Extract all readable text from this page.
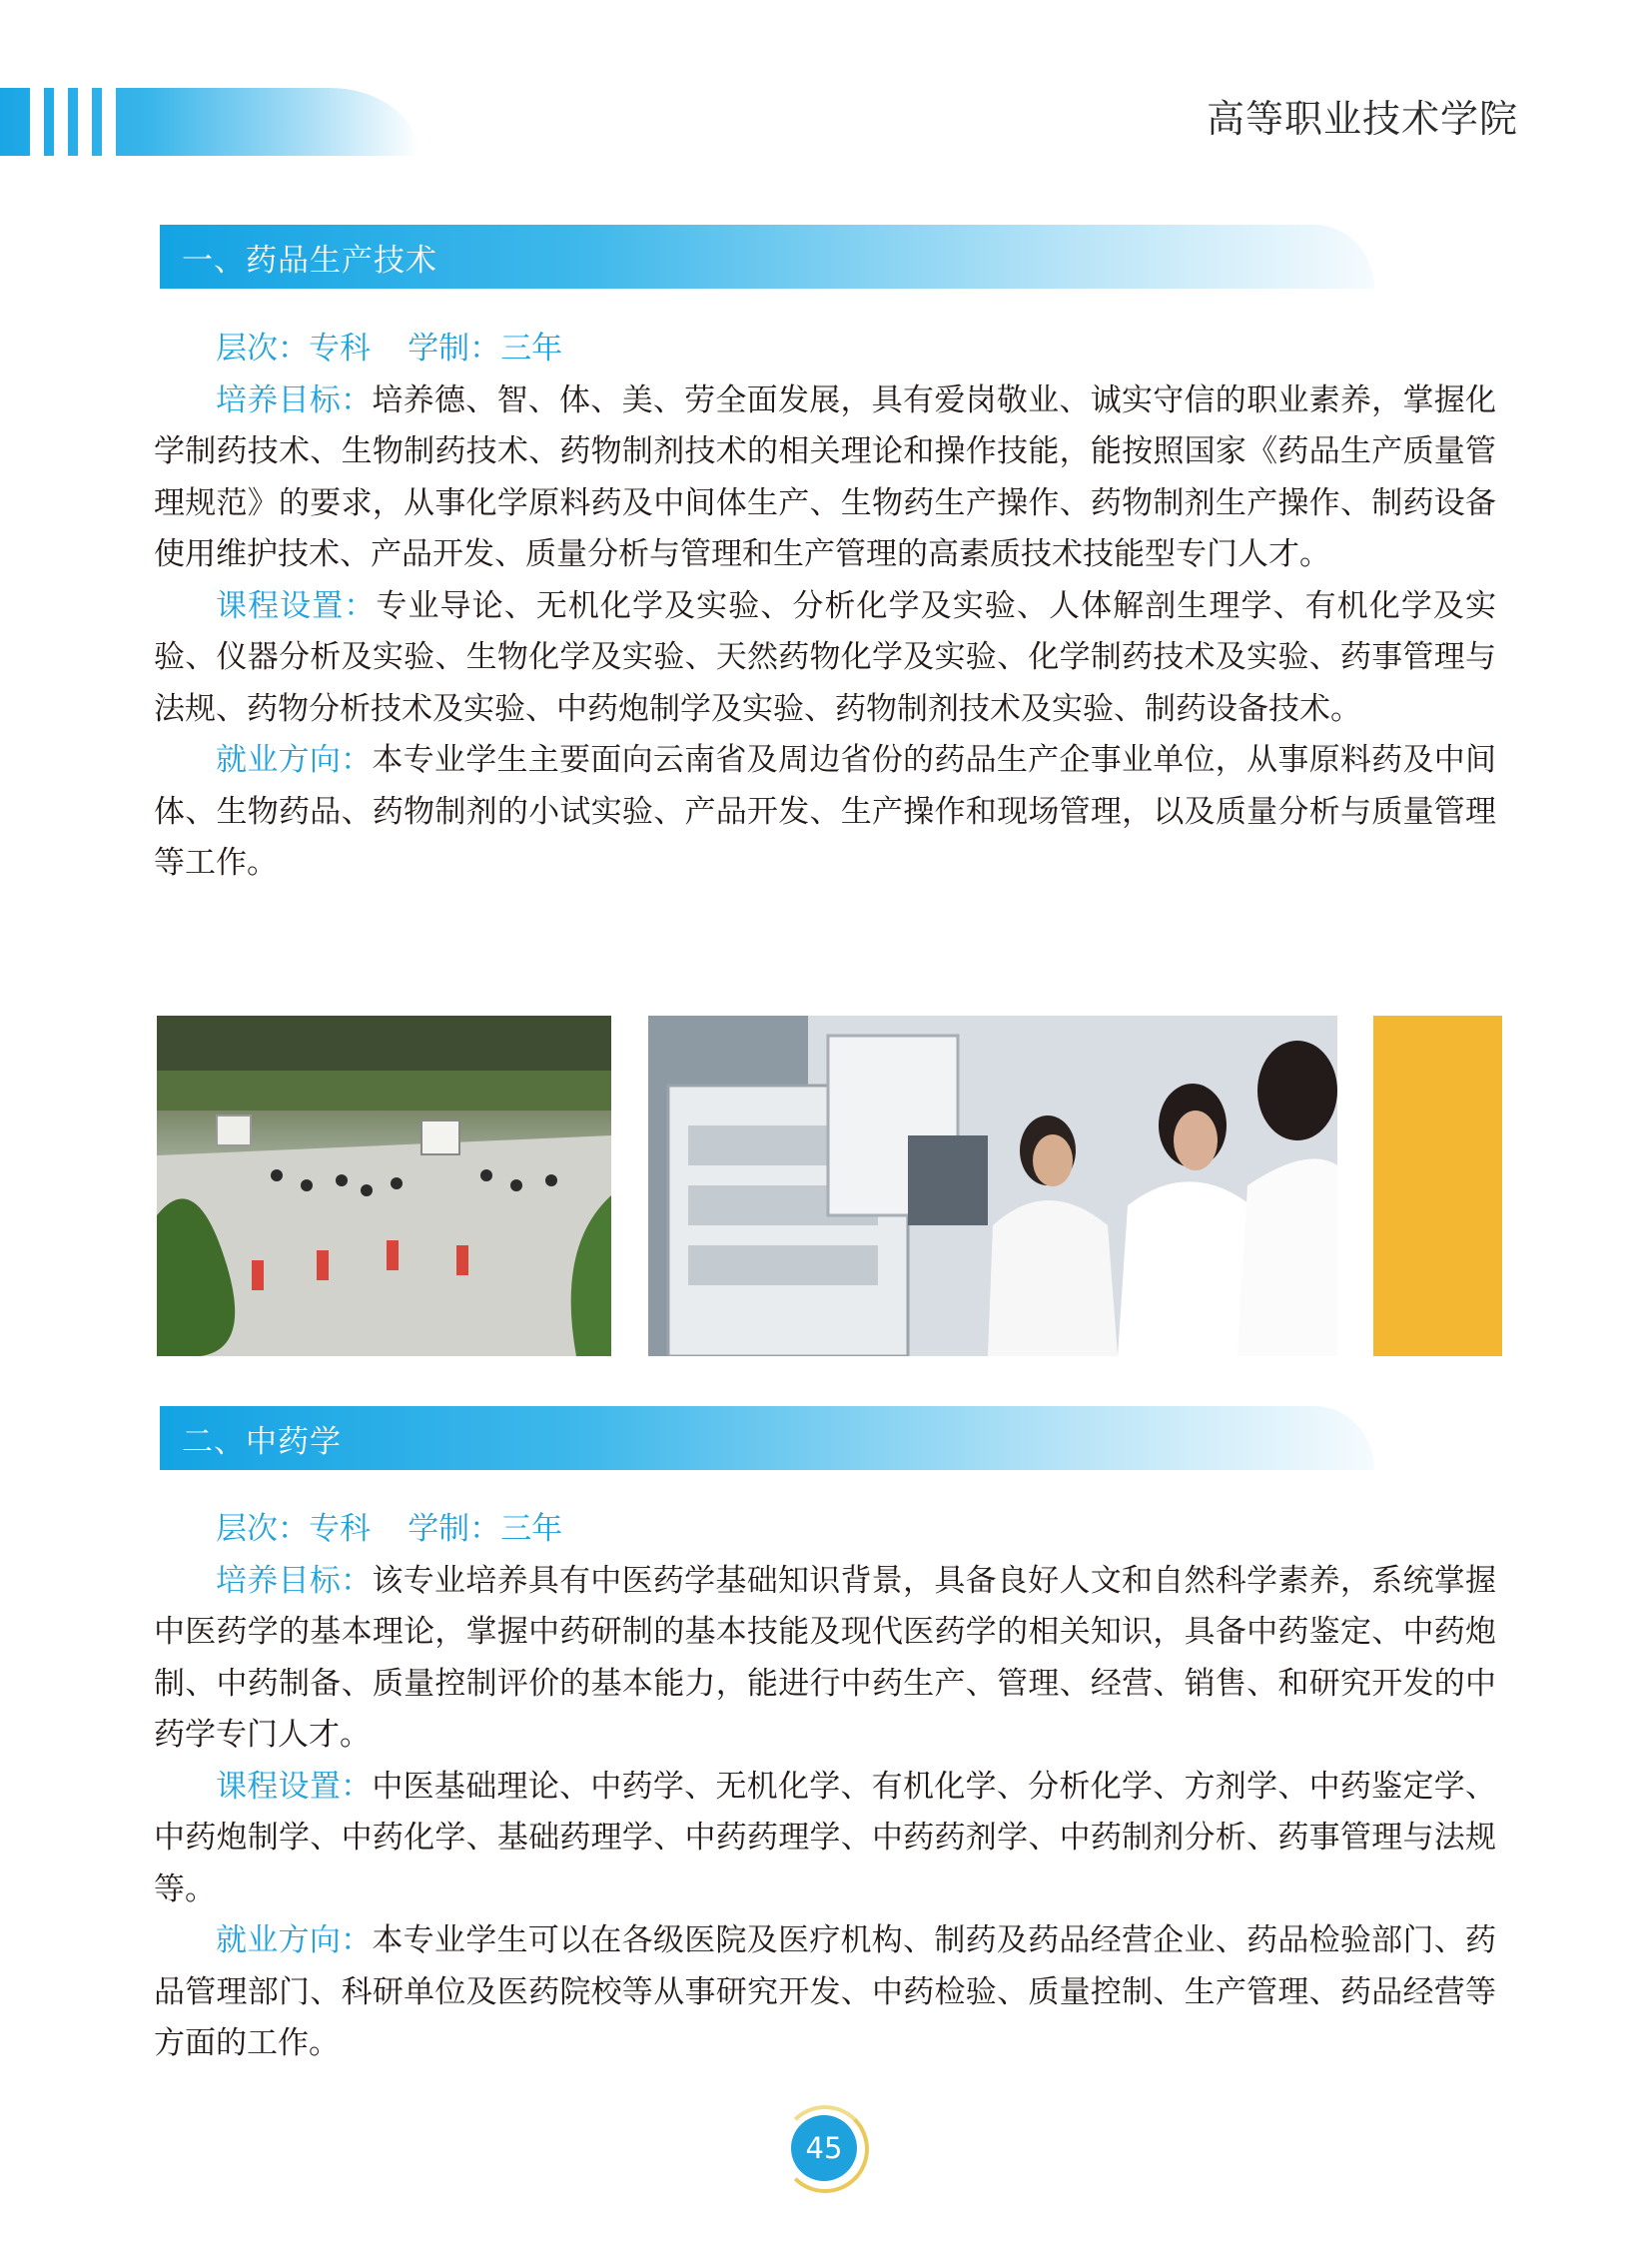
高等职业技术学院
一、药品生产技术

层次：专科 学制：三年

培养目标：培养德、智、体、美、劳全面发展，具有爱岗敬业、诚实守信的职业素养，掌握化学制药技术、生物制药技术、药物制剂技术的相关理论和操作技能，能按照国家《药品生产质量管理规范》的要求，从事化学原料药及中间体生产、生物药生产操作、药物制剂生产操作、制药设备使用维护技术、产品开发、质量分析与管理和生产管理的高素质技术技能型专门人才。

课程设置：专业导论、无机化学及实验、分析化学及实验、人体解剖生理学、有机化学及实验、仪器分析及实验、生物化学及实验、天然药物化学及实验、化学制药技术及实验、药事管理与法规、药物分析技术及实验、中药炮制学及实验、药物制剂技术及实验、制药设备技术。

就业方向：本专业学生主要面向云南省及周边省份的药品生产企事业单位，从事原料药及中间体、生物药品、药物制剂的小试实验、产品开发、生产操作和现场管理，以及质量分析与质量管理等工作。

二、中药学

层次：专科 学制：三年

培养目标：该专业培养具有中医药学基础知识背景，具备良好人文和自然科学素养，系统掌握中医药学的基本理论，掌握中药研制的基本技能及现代医药学的相关知识，具备中药鉴定、中药炮制、中药制备、质量控制评价的基本能力，能进行中药生产、管理、经营、销售、和研究开发的中药学专门人才。

课程设置：中医基础理论、中药学、无机化学、有机化学、分析化学、方剂学、中药鉴定学、中药炮制学、中药化学、基础药理学、中药药理学、中药药剂学、中药制剂分析、药事管理与法规等。

就业方向：本专业学生可以在各级医院及医疗机构、制药及药品经营企业、药品检验部门、药品管理部门、科研单位及医药院校等从事研究开发、中药检验、质量控制、生产管理、药品经营等方面的工作。

45
